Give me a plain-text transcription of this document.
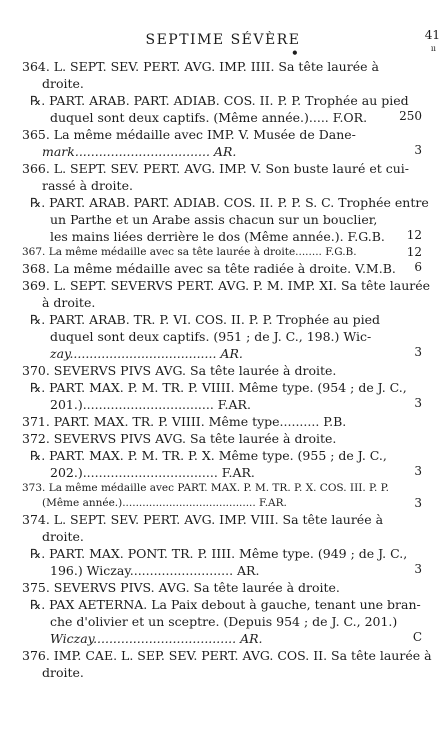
SEPTIME SÉVÈRE	41
ıı
•
364. L. SEPT. SEV. PERT. AVG. IMP. IIII. Sa tête laurée à
droite.
℞. PART. ARAB. PART. ADIAB. COS. II. P. P. Trophée au pied
duquel sont deux captifs. (Même année.)..... F.OR.	250
365. La même médaille avec IMP. V. Musée de Dane-
mark.................................. AR.	3
366. L. SEPT. SEV. PERT. AVG. IMP. V. Son buste lauré et cui-
rassé à droite.
℞. PART. ARAB. PART. ADIAB. COS. II. P. P. S. C. Trophée entre
un Parthe et un Arabe assis chacun sur un bouclier,
les mains liées derrière le dos (Même année.). F.G.B.	12
367. La même médaille avec sa tête laurée à droite........ F.G.B.	12
368. La même médaille avec sa tête radiée à droite. V.M.B.	6
369. L. SEPT. SEVERVS PERT. AVG. P. M. IMP. XI. Sa tête laurée
à droite.
℞. PART. ARAB. TR. P. VI. COS. II. P. P. Trophée au pied
duquel sont deux captifs. (951 ; de J. C., 198.) Wic-
zay..................................... AR.	3
370. SEVERVS PIVS AVG. Sa tête laurée à droite.
℞. PART. MAX. P. M. TR. P. VIIII. Même type. (954 ; de J. C.,
201.)................................. F.AR.	3
371. PART. MAX. TR. P. VIIII. Même type.......... P.B.
372. SEVERVS PIVS AVG. Sa tête laurée à droite.
℞. PART. MAX. P. M. TR. P. X. Même type. (955 ; de J. C.,
202.).................................. F.AR.	3
373. La même médaille avec PART. MAX. P. M. TR. P. X. COS. III. P. P.
(Même année.)........................................ F.AR.	3
374. L. SEPT. SEV. PERT. AVG. IMP. VIII. Sa tête laurée à
droite.
℞. PART. MAX. PONT. TR. P. IIII. Même type. (949 ; de J. C.,
196.) Wiczay.......................... AR.	3
375. SEVERVS PIVS. AVG. Sa tête laurée à droite.
℞. PAX AETERNA. La Paix debout à gauche, tenant une bran-
che d'olivier et un sceptre. (Depuis 954 ; de J. C., 201.)
Wiczay.................................... AR.	C
376. IMP. CAE. L. SEP. SEV. PERT. AVG. COS. II. Sa tête laurée à
droite.
